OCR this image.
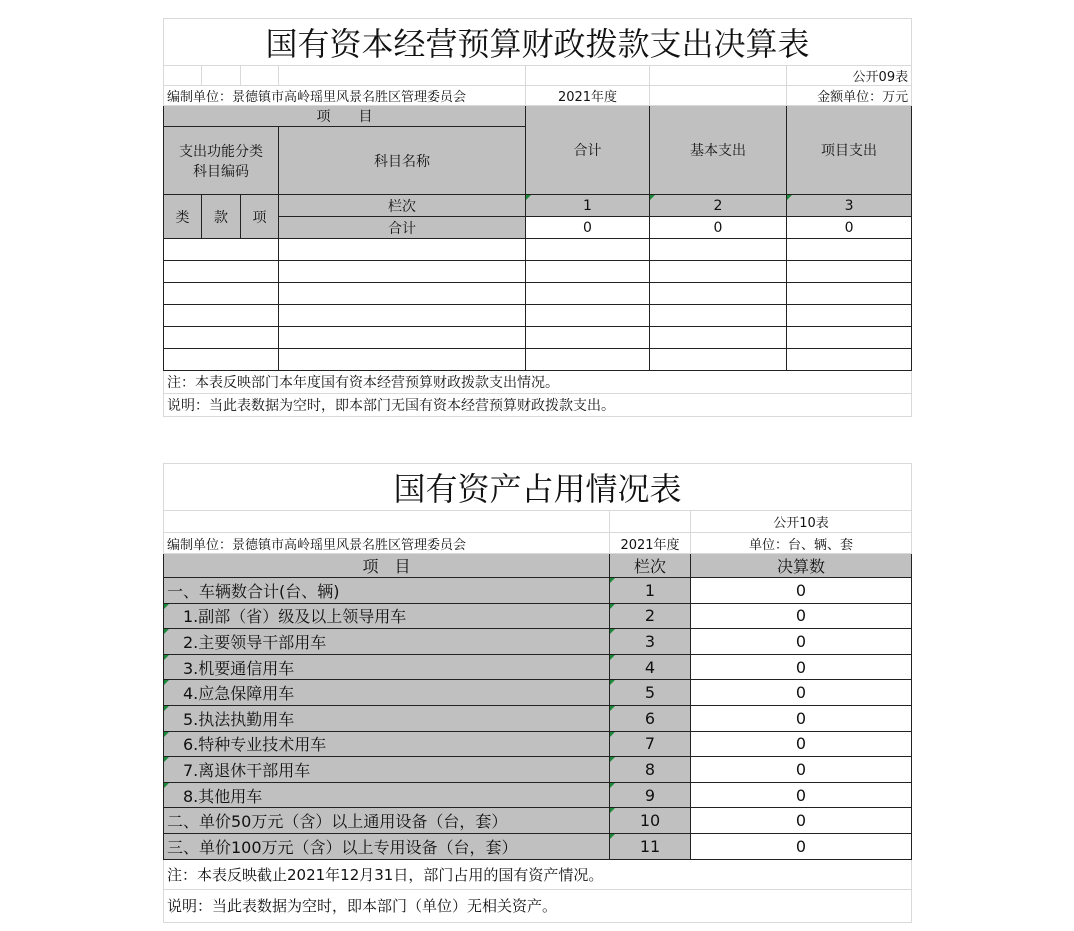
国有资本经营预算财政拨款支出决算表						
						公开09表
编制单位：景德镇市高岭瑶里风景名胜区管理委员会				2021年度		金额单位：万元
项　　目				合计	基本支出	项目支出

支出功能分类
科目编码			科目名称			
类	款	项	栏次	1	2	3
			合计	0	0	0

注：本表反映部门本年度国有资本经营预算财政拨款支出情况。						
说明：当此表数据为空时，即本部门无国有资本经营预算财政拨款支出。						
国有资产占用情况表		
		公开10表
编制单位：景德镇市高岭瑶里风景名胜区管理委员会	2021年度	单位：台、辆、套
项　目	栏次	决算数
一、车辆数合计(台、辆)	1	0
　1.副部（省）级及以上领导用车	2	0
　2.主要领导干部用车	3	0
　3.机要通信用车	4	0
　4.应急保障用车	5	0
　5.执法执勤用车	6	0
　6.特种专业技术用车	7	0
　7.离退休干部用车	8	0
　8.其他用车	9	0
二、单价50万元（含）以上通用设备（台，套）	10	0
三、单价100万元（含）以上专用设备（台，套）	11	0
注：本表反映截止2021年12月31日，部门占用的国有资产情况。		
说明：当此表数据为空时，即本部门（单位）无相关资产。		
